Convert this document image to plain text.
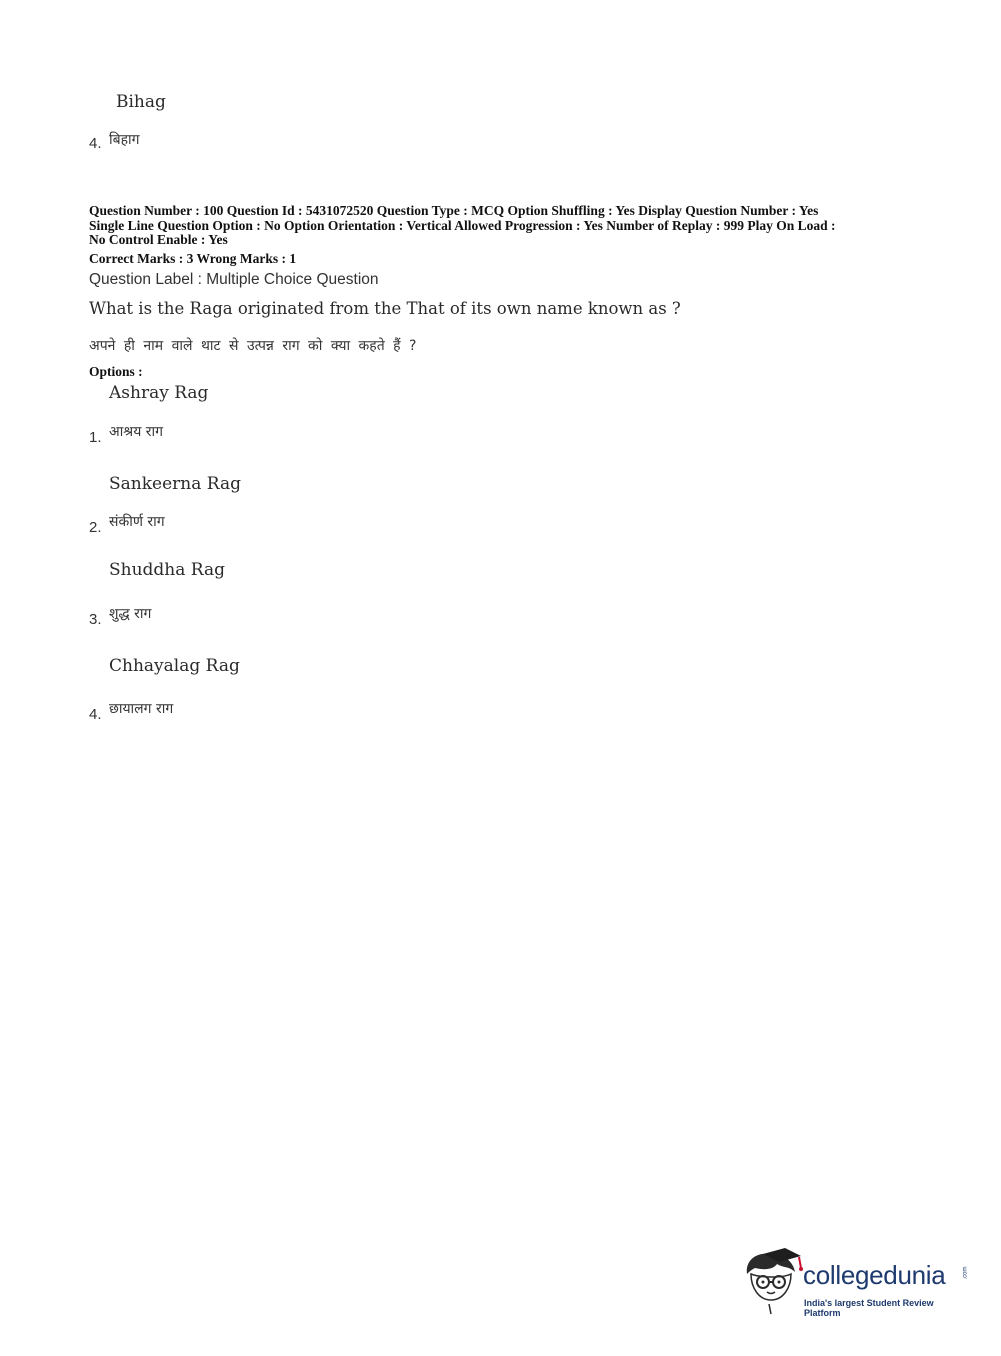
Bihag
4. बिहाग
Question Number : 100 Question Id : 5431072520 Question Type : MCQ Option Shuffling : Yes Display Question Number : Yes
Single Line Question Option : No Option Orientation : Vertical Allowed Progression : Yes Number of Replay : 999 Play On Load :
No Control Enable : Yes
Correct Marks : 3 Wrong Marks : 1
Question Label : Multiple Choice Question
What is the Raga originated from the That of its own name known as ?
अपने ही नाम वाले थाट से उत्पन्न राग को क्या कहते हैं ?
Options :
Ashray Rag
1. आश्रय राग
Sankeerna Rag
2. संकीर्ण राग
Shuddha Rag
3. शुद्ध राग
Chhayalag Rag
4. छायालग राग
collegedunia	.com
India's largest Student Review Platform
